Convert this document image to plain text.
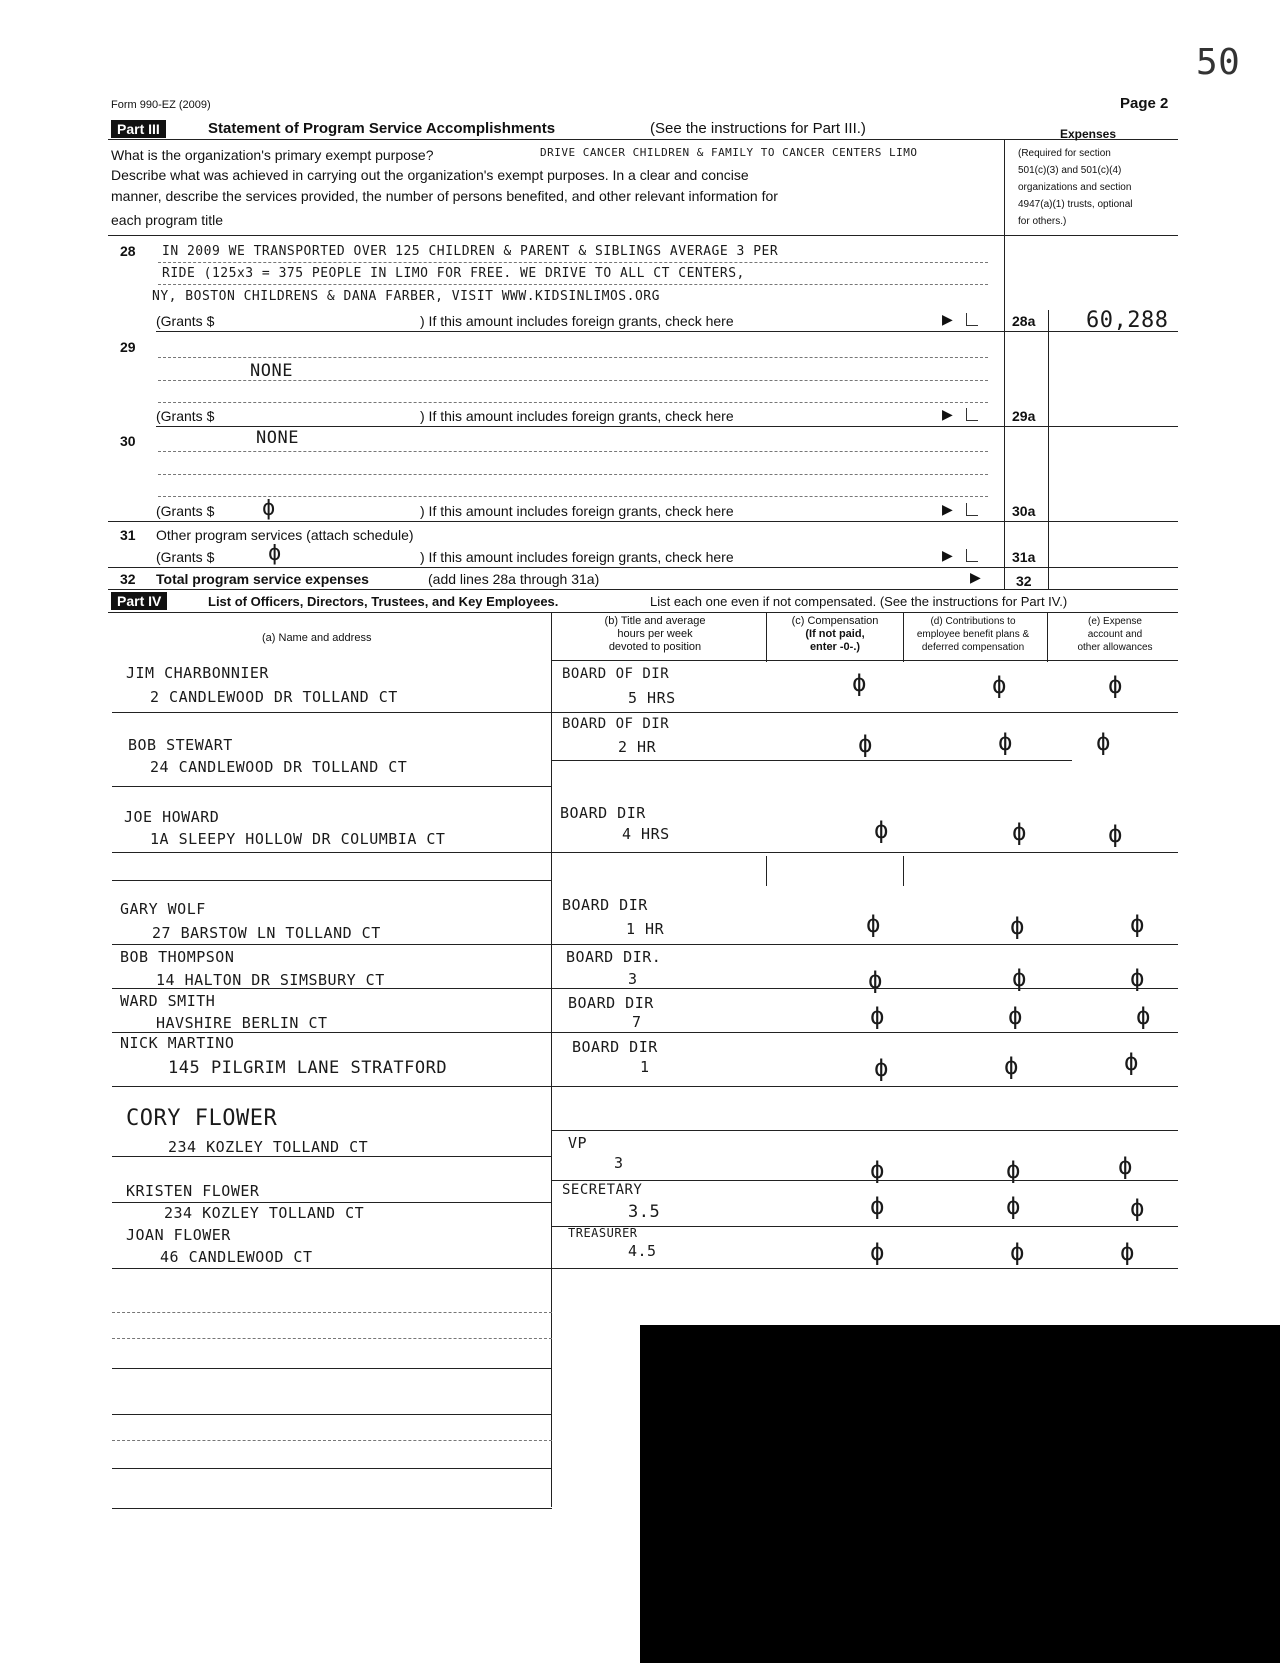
50
Form 990-EZ (2009)	Page 2
Part III	Statement of Program Service Accomplishments	(See the instructions for Part III.)	Expenses
(Required for section
501(c)(3) and 501(c)(4)
organizations and section
4947(a)(1) trusts, optional
for others.)
What is the organization's primary exempt purpose?	DRIVE CANCER CHILDREN & FAMILY TO CANCER CENTERS LIMO
Describe what was achieved in carrying out the organization's exempt purposes. In a clear and concise
manner, describe the services provided, the number of persons benefited, and other relevant information for
each program title
28 IN 2009 WE TRANSPORTED OVER 125 CHILDREN & PARENT & SIBLINGS AVERAGE 3 PER
RIDE (125x3 = 375 PEOPLE IN LIMO FOR FREE. WE DRIVE TO ALL CT CENTERS,
NY, BOSTON CHILDRENS & DANA FARBER, VISIT WWW.KIDSINLIMOS.ORG
(Grants $	) If this amount includes foreign grants, check here	▶	28a 60,288
29
NONE
(Grants $	) If this amount includes foreign grants, check here	▶	29a
30	NONE
(Grants $ ϕ	) If this amount includes foreign grants, check here	▶	30a
31 Other program services (attach schedule)
(Grants $ ϕ	) If this amount includes foreign grants, check here	▶	31a
32 Total program service expenses	(add lines 28a through 31a)	▶	32
Part IV	List of Officers, Directors, Trustees, and Key Employees.	List each one even if not compensated. (See the instructions for Part IV.)
(a) Name and address
(b) Title and average
hours per week
devoted to position
(c) Compensation
(If not paid,
enter -0-.)
(d) Contributions to
employee benefit plans &
deferred compensation
(e) Expense
account and
other allowances
JIM CHARBONNIER
2 CANDLEWOOD DR TOLLAND CT
BOARD OF DIR
5 HRS
ϕ	ϕ	ϕ
BOB STEWART
24 CANDLEWOOD DR TOLLAND CT
BOARD OF DIR
2 HR	ϕ	ϕ	ϕ
JOE HOWARD
1A SLEEPY HOLLOW DR COLUMBIA CT
BOARD DIR
4 HRS	ϕ	ϕ	ϕ
GARY WOLF
27 BARSTOW LN TOLLAND CT
BOARD DIR
1 HR	ϕ	ϕ	ϕ
BOB THOMPSON
14 HALTON DR SIMSBURY CT
BOARD DIR.
3	ϕ	ϕ	ϕ
WARD SMITH
HAVSHIRE BERLIN CT
BOARD DIR
7	ϕ	ϕ	ϕ
NICK MARTINO
145 PILGRIM LANE STRATFORD
BOARD DIR
1	ϕ	ϕ	ϕ
CORY FLOWER
234 KOZLEY TOLLAND CT	VP
3	ϕ	ϕ	ϕ
KRISTEN FLOWER
234 KOZLEY TOLLAND CT
SECRETARY
3.5	ϕ	ϕ	ϕ
JOAN FLOWER
46 CANDLEWOOD CT
TREASURER
4.5	ϕ	ϕ	ϕ
